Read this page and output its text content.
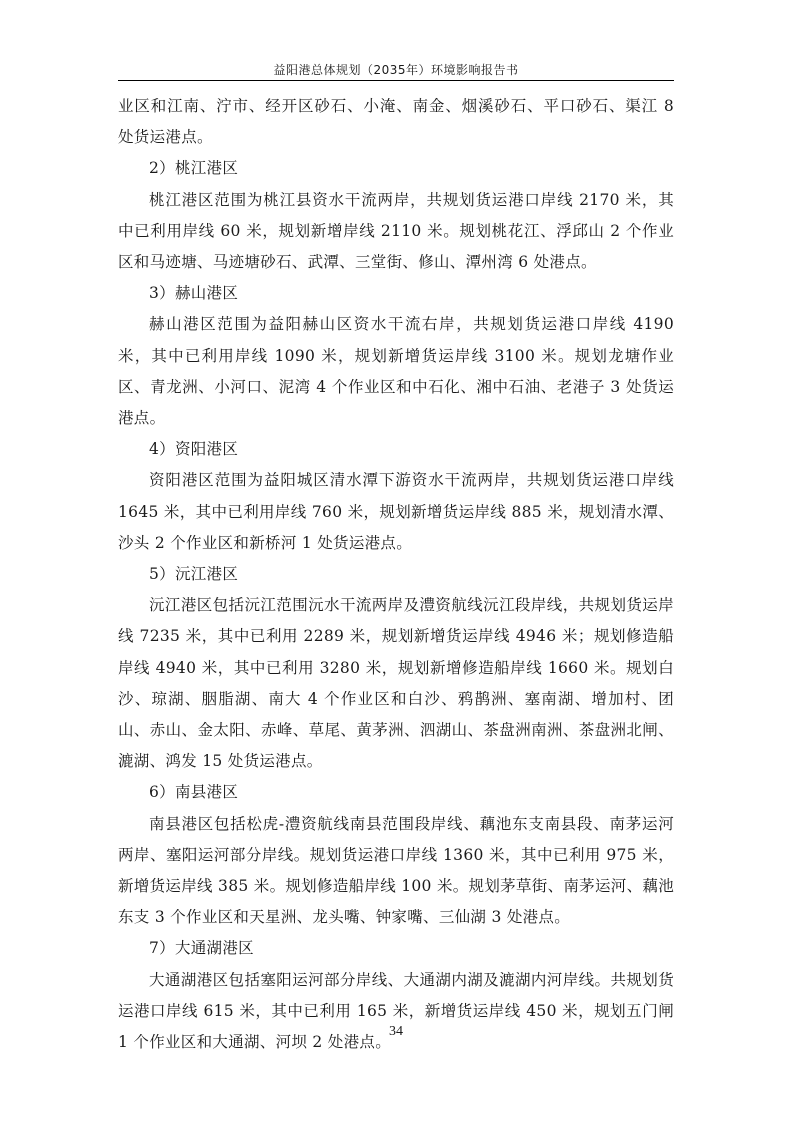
益阳港总体规划（2035年）环境影响报告书

业区和江南、泞市、经开区砂石、小淹、南金、烟溪砂石、平口砂石、渠江 8 处货运港点。

2）桃江港区

桃江港区范围为桃江县资水干流两岸，共规划货运港口岸线 2170 米，其中已利用岸线 60 米，规划新增岸线 2110 米。规划桃花江、浮邱山 2 个作业区和马迹塘、马迹塘砂石、武潭、三堂街、修山、潭州湾 6 处港点。

3）赫山港区

赫山港区范围为益阳赫山区资水干流右岸，共规划货运港口岸线 4190 米，其中已利用岸线 1090 米，规划新增货运岸线 3100 米。规划龙塘作业区、青龙洲、小河口、泥湾 4 个作业区和中石化、湘中石油、老港子 3 处货运港点。

4）资阳港区

资阳港区范围为益阳城区清水潭下游资水干流两岸，共规划货运港口岸线 1645 米，其中已利用岸线 760 米，规划新增货运岸线 885 米，规划清水潭、沙头 2 个作业区和新桥河 1 处货运港点。

5）沅江港区

沅江港区包括沅江范围沅水干流两岸及澧资航线沅江段岸线，共规划货运岸线 7235 米，其中已利用 2289 米，规划新增货运岸线 4946 米；规划修造船岸线 4940 米，其中已利用 3280 米，规划新增修造船岸线 1660 米。规划白沙、琼湖、胭脂湖、南大 4 个作业区和白沙、鸦鹊洲、塞南湖、增加村、团山、赤山、金太阳、赤峰、草尾、黄茅洲、泗湖山、茶盘洲南洲、茶盘洲北闸、漉湖、鸿发 15 处货运港点。

6）南县港区

南县港区包括松虎-澧资航线南县范围段岸线、藕池东支南县段、南茅运河两岸、塞阳运河部分岸线。规划货运港口岸线 1360 米，其中已利用 975 米，新增货运岸线 385 米。规划修造船岸线 100 米。规划茅草街、南茅运河、藕池东支 3 个作业区和天星洲、龙头嘴、钟家嘴、三仙湖 3 处港点。

7）大通湖港区

大通湖港区包括塞阳运河部分岸线、大通湖内湖及漉湖内河岸线。共规划货运港口岸线 615 米，其中已利用 165 米，新增货运岸线 450 米，规划五门闸 1 个作业区和大通湖、河坝 2 处港点。

34
